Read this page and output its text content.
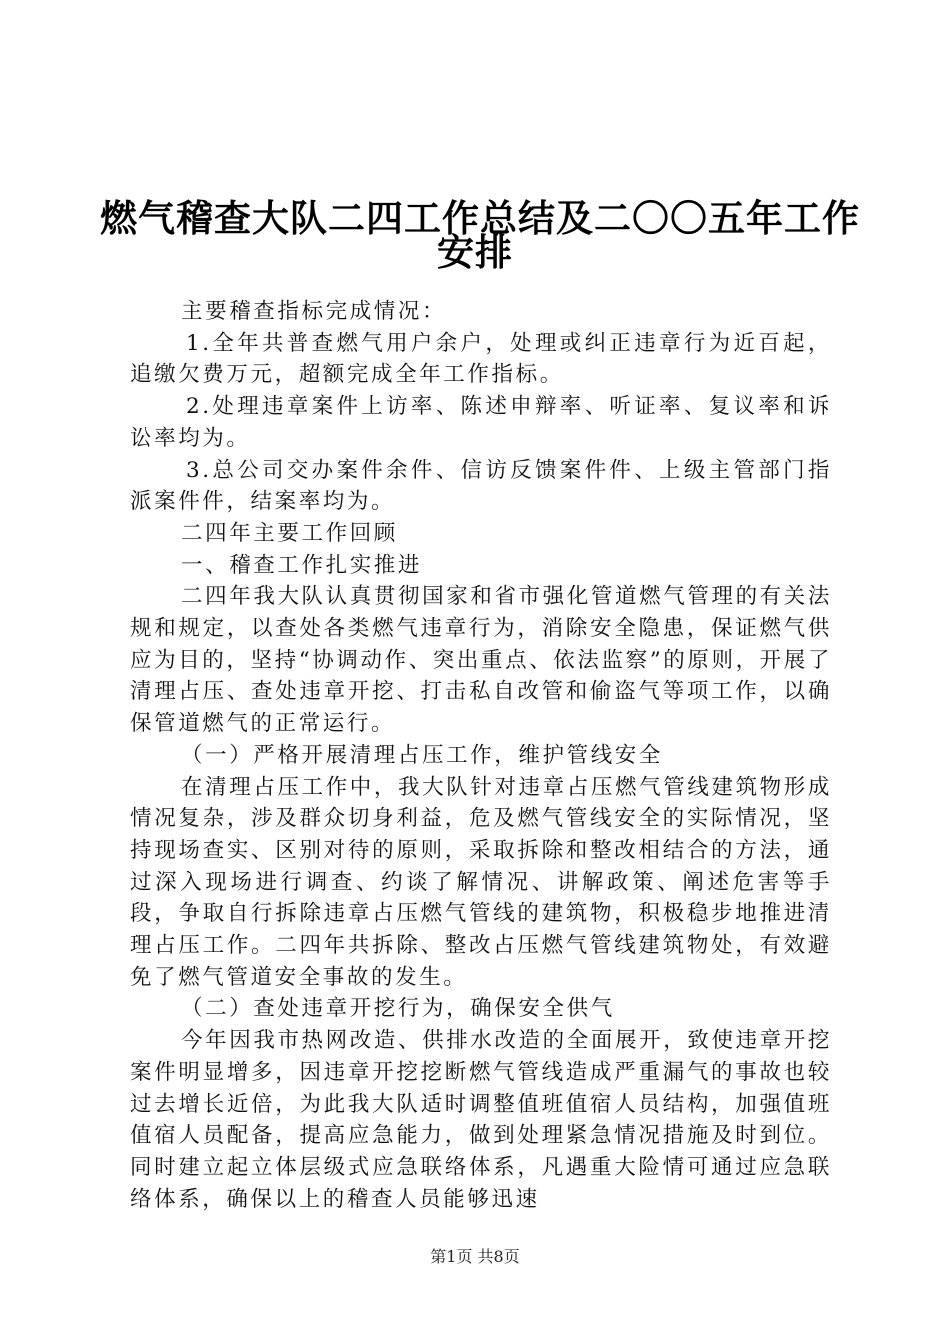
燃气稽查大队二四工作总结及二〇〇五年工作
安排

主要稽查指标完成情况：

1.全年共普查燃气用户余户，处理或纠正违章行为近百起，追缴欠费万元，超额完成全年工作指标。

2.处理违章案件上访率、陈述申辩率、听证率、复议率和诉讼率均为。

3.总公司交办案件余件、信访反馈案件件、上级主管部门指派案件件，结案率均为。

二四年主要工作回顾

一、稽查工作扎实推进

二四年我大队认真贯彻国家和省市强化管道燃气管理的有关法规和规定，以查处各类燃气违章行为，消除安全隐患，保证燃气供应为目的，坚持“协调动作、突出重点、依法监察”的原则，开展了清理占压、查处违章开挖、打击私自改管和偷盗气等项工作，以确保管道燃气的正常运行。

（一）严格开展清理占压工作，维护管线安全

在清理占压工作中，我大队针对违章占压燃气管线建筑物形成情况复杂，涉及群众切身利益，危及燃气管线安全的实际情况，坚持现场查实、区别对待的原则，采取拆除和整改相结合的方法，通过深入现场进行调查、约谈了解情况、讲解政策、阐述危害等手段，争取自行拆除违章占压燃气管线的建筑物，积极稳步地推进清理占压工作。二四年共拆除、整改占压燃气管线建筑物处，有效避免了燃气管道安全事故的发生。

（二）查处违章开挖行为，确保安全供气

今年因我市热网改造、供排水改造的全面展开，致使违章开挖案件明显增多，因违章开挖挖断燃气管线造成严重漏气的事故也较过去增长近倍，为此我大队适时调整值班值宿人员结构，加强值班值宿人员配备，提高应急能力，做到处理紧急情况措施及时到位。同时建立起立体层级式应急联络体系，凡遇重大险情可通过应急联络体系，确保以上的稽查人员能够迅速

第1页 共8页
